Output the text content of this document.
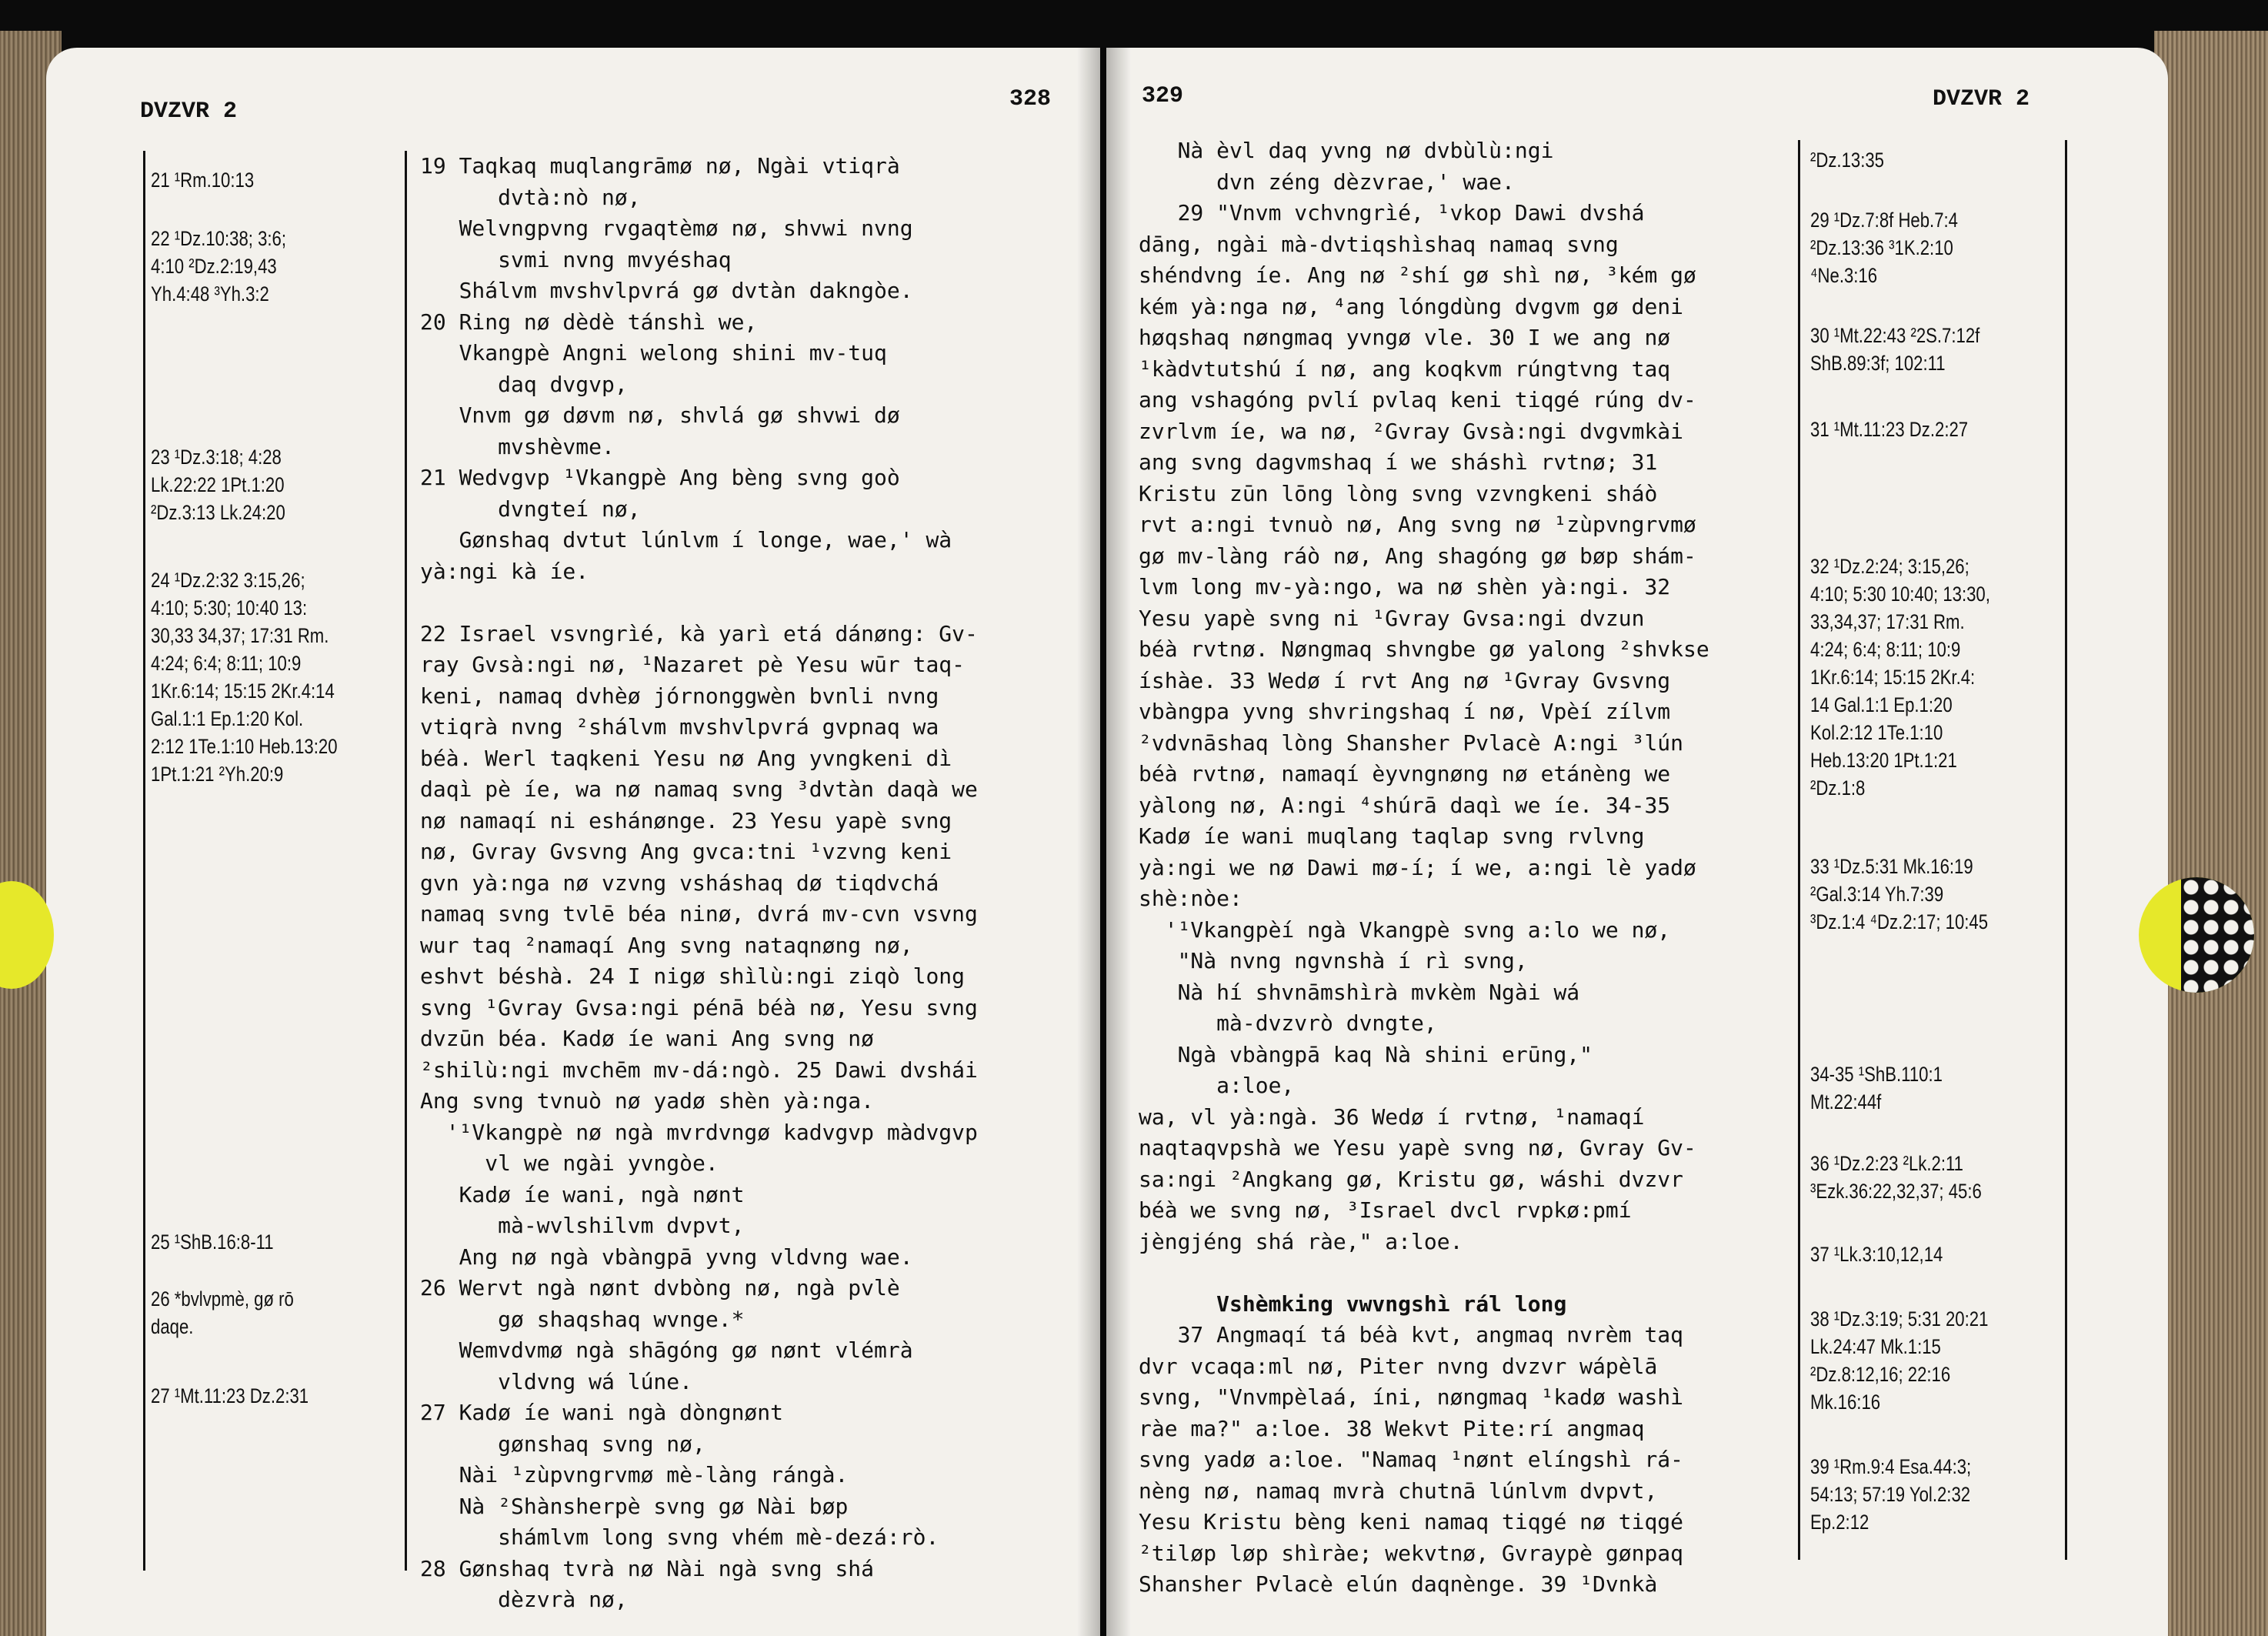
DVZVR 2	328	329	DVZVR 2
21 ¹Rm.10:13
22 ¹Dz.10:38; 3:6;
4:10 ²Dz.2:19,43
Yh.4:48 ³Yh.3:2
23 ¹Dz.3:18; 4:28
Lk.22:22 1Pt.1:20
²Dz.3:13 Lk.24:20
24 ¹Dz.2:32 3:15,26;
4:10; 5:30; 10:40 13:
30,33 34,37; 17:31 Rm.
4:24; 6:4; 8:11; 10:9
1Kr.6:14; 15:15 2Kr.4:14
Gal.1:1 Ep.1:20 Kol.
2:12 1Te.1:10 Heb.13:20
1Pt.1:21 ²Yh.20:9
25 ¹ShB.16:8-11
26 *bvlvpmè, gø rō
daqe.
27 ¹Mt.11:23 Dz.2:31
²Dz.13:35
29 ¹Dz.7:8f Heb.7:4
²Dz.13:36 ³1K.2:10
⁴Ne.3:16
30 ¹Mt.22:43 ²2S.7:12f
ShB.89:3f; 102:11
31 ¹Mt.11:23 Dz.2:27
32 ¹Dz.2:24; 3:15,26;
4:10; 5:30 10:40; 13:30,
33,34,37; 17:31 Rm.
4:24; 6:4; 8:11; 10:9
1Kr.6:14; 15:15 2Kr.4:
14 Gal.1:1 Ep.1:20
Kol.2:12 1Te.1:10
Heb.13:20 1Pt.1:21
²Dz.1:8
33 ¹Dz.5:31 Mk.16:19
²Gal.3:14 Yh.7:39
³Dz.1:4 ⁴Dz.2:17; 10:45
34-35 ¹ShB.110:1
Mt.22:44f
36 ¹Dz.2:23 ²Lk.2:11
³Ezk.36:22,32,37; 45:6
37 ¹Lk.3:10,12,14
38 ¹Dz.3:19; 5:31 20:21
Lk.24:47 Mk.1:15
²Dz.8:12,16; 22:16
Mk.16:16
39 ¹Rm.9:4 Esa.44:3;
54:13; 57:19 Yol.2:32
Ep.2:12
19 Taqkaq muqlangrāmø nø, Ngài vtiqrà
dvtà:nò nø,
Welvngpvng rvgaqtèmø nø, shvwi nvng
svmi nvng mvyéshaq
Shálvm mvshvlpvrá gø dvtàn dakngòe.
20 Ring nø dèdè tánshì we,
Vkangpè Angni welong shini mv-tuq
daq dvgvp,
Vnvm gø døvm nø, shvlá gø shvwi dø
mvshèvme.
21 Wedvgvp ¹Vkangpè Ang bèng svng goò
dvngteí nø,
Gønshaq dvtut lúnlvm í longe, wae,' wà
yà:ngi kà íe.
22 Israel vsvngrìé, kà yarì etá dánøng: Gv-
ray Gvsà:ngi nø, ¹Nazaret pè Yesu wūr taq-
keni, namaq dvhèø jórnonggwèn bvnli nvng
vtiqrà nvng ²shálvm mvshvlpvrá gvpnaq wa
béà. Werl taqkeni Yesu nø Ang yvngkeni dì
daqì pè íe, wa nø namaq svng ³dvtàn daqà we
nø namaqí ni eshánønge. 23 Yesu yapè svng
nø, Gvray Gvsvng Ang gvca:tni ¹vzvng keni
gvn yà:nga nø vzvng vsháshaq dø tiqdvchá
namaq svng tvlē béa ninø, dvrá mv-cvn vsvng
wur taq ²namaqí Ang svng nataqnøng nø,
eshvt béshà. 24 I nigø shìlù:ngi ziqò long
svng ¹Gvray Gvsa:ngi pénā béà nø, Yesu svng
dvzūn béa. Kadø íe wani Ang svng nø
²shilù:ngi mvchēm mv-dá:ngò. 25 Dawi dvshái
Ang svng tvnuò nø yadø shèn yà:nga.
'¹Vkangpè nø ngà mvrdvngø kadvgvp màdvgvp
vl we ngài yvngòe.
Kadø íe wani, ngà nønt
mà-wvlshilvm dvpvt,
Ang nø ngà vbàngpā yvng vldvng wae.
26 Wervt ngà nønt dvbòng nø, ngà pvlè
gø shaqshaq wvnge.*
Wemvdvmø ngà shāgóng gø nønt vlémrà
vldvng wá lúne.
27 Kadø íe wani ngà dòngnønt
gønshaq svng nø,
Nài ¹zùpvngrvmø mè-làng rángà.
Nà ²Shànsherpè svng gø Nài bøp
shámlvm long svng vhém mè-dezá:rò.
28 Gønshaq tvrà nø Nài ngà svng shá
dèzvrà nø,
Nà èvl daq yvng nø dvbùlù:ngi
dvn zéng dèzvrae,' wae.
29 "Vnvm vchvngrìé, ¹vkop Dawi dvshá
dāng, ngài mà-dvtiqshìshaq namaq svng
shéndvng íe. Ang nø ²shí gø shì nø, ³kém gø
kém yà:nga nø, ⁴ang lóngdùng dvgvm gø deni
høqshaq nøngmaq yvngø vle. 30 I we ang nø
¹kàdvtutshú í nø, ang koqkvm rúngtvng taq
ang vshagóng pvlí pvlaq keni tiqgé rúng dv-
zvrlvm íe, wa nø, ²Gvray Gvsà:ngi dvgvmkài
ang svng dagvmshaq í we sháshì rvtnø; 31
Kristu zūn lōng lòng svng vzvngkeni sháò
rvt a:ngi tvnuò nø, Ang svng nø ¹zùpvngrvmø
gø mv-làng ráò nø, Ang shagóng gø bøp shám-
lvm long mv-yà:ngo, wa nø shèn yà:ngi. 32
Yesu yapè svng ni ¹Gvray Gvsa:ngi dvzun
béà rvtnø. Nøngmaq shvngbe gø yalong ²shvkse
íshàe. 33 Wedø í rvt Ang nø ¹Gvray Gvsvng
vbàngpa yvng shvringshaq í nø, Vpèí zílvm
²vdvnāshaq lòng Shansher Pvlacè A:ngi ³lún
béà rvtnø, namaqí èyvngnøng nø etánèng we
yàlong nø, A:ngi ⁴shúrā daqì we íe. 34-35
Kadø íe wani muqlang taqlap svng rvlvng
yà:ngi we nø Dawi mø-í; í we, a:ngi lè yadø
shè:nòe:
'¹Vkangpèí ngà Vkangpè svng a:lo we nø,
"Nà nvng ngvnshà í rì svng,
Nà hí shvnāmshìrà mvkèm Ngài wá
mà-dvzvrò dvngte,
Ngà vbàngpā kaq Nà shini erūng,"
a:loe,
wa, vl yà:ngà. 36 Wedø í rvtnø, ¹namaqí
naqtaqvpshà we Yesu yapè svng nø, Gvray Gv-
sa:ngi ²Angkang gø, Kristu gø, wáshi dvzvr
béà we svng nø, ³Israel dvcl rvpkø:pmí
jèngjéng shá ràe," a:loe.
Vshèmking vwvngshì rál long
37 Angmaqí tá béà kvt, angmaq nvrèm taq
dvr vcaqa:ml nø, Piter nvng dvzvr wápèlā
svng, "Vnvmpèlaá, íni, nøngmaq ¹kadø washì
ràe ma?" a:loe. 38 Wekvt Pite:rí angmaq
svng yadø a:loe. "Namaq ¹nønt elíngshì rá-
nèng nø, namaq mvrà chutnā lúnlvm dvpvt,
Yesu Kristu bèng keni namaq tiqgé nø tiqgé
²tiløp løp shìràe; wekvtnø, Gvraypè gønpaq
Shansher Pvlacè elún daqnènge. 39 ¹Dvnkà
